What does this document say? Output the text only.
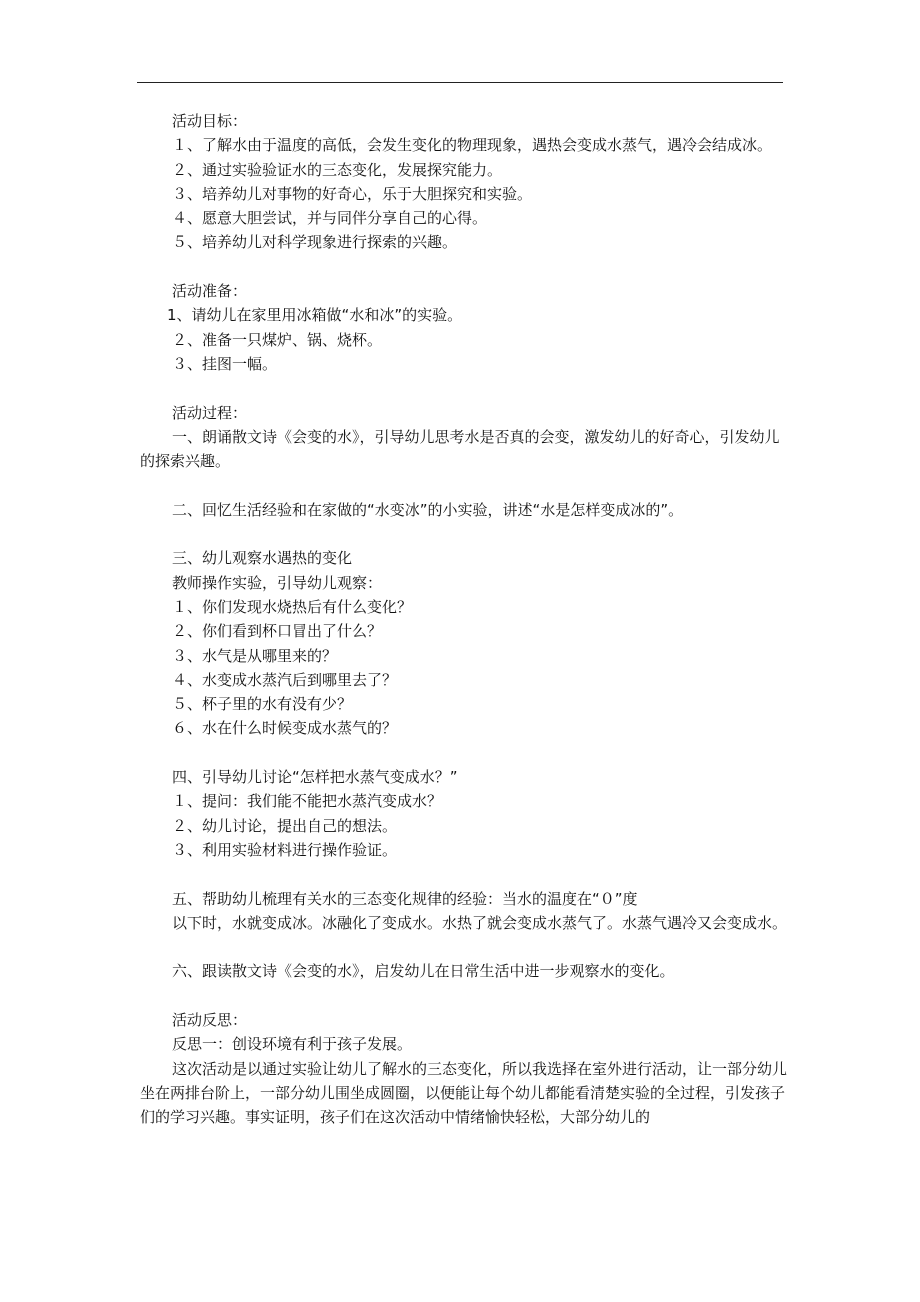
活动目标：
１、了解水由于温度的高低，会发生变化的物理现象，遇热会变成水蒸气，遇冷会结成冰。
２、通过实验验证水的三态变化，发展探究能力。
３、培养幼儿对事物的好奇心，乐于大胆探究和实验。
４、愿意大胆尝试，并与同伴分享自己的心得。
５、培养幼儿对科学现象进行探索的兴趣。
活动准备：
1、请幼儿在家里用冰箱做“水和冰”的实验。
２、准备一只煤炉、锅、烧杯。
３、挂图一幅。
活动过程：
一、朗诵散文诗《会变的水》，引导幼儿思考水是否真的会变，激发幼儿的好奇心，引发幼儿的探索兴趣。
二、回忆生活经验和在家做的“水变冰”的小实验，讲述“水是怎样变成冰的”。
三、幼儿观察水遇热的变化
教师操作实验，引导幼儿观察：
１、你们发现水烧热后有什么变化？
２、你们看到杯口冒出了什么？
３、水气是从哪里来的？
４、水变成水蒸汽后到哪里去了？
５、杯子里的水有没有少？
６、水在什么时候变成水蒸气的？
四、引导幼儿讨论“怎样把水蒸气变成水？”
１、提问：我们能不能把水蒸汽变成水？
２、幼儿讨论，提出自己的想法。
３、利用实验材料进行操作验证。
五、帮助幼儿梳理有关水的三态变化规律的经验：当水的温度在“０”度
以下时，水就变成冰。冰融化了变成水。水热了就会变成水蒸气了。水蒸气遇冷又会变成水。
六、跟读散文诗《会变的水》，启发幼儿在日常生活中进一步观察水的变化。
活动反思：
反思一：创设环境有利于孩子发展。
这次活动是以通过实验让幼儿了解水的三态变化，所以我选择在室外进行活动，让一部分幼儿坐在两排台阶上，一部分幼儿围坐成圆圈，以便能让每个幼儿都能看清楚实验的全过程，引发孩子们的学习兴趣。事实证明，孩子们在这次活动中情绪愉快轻松，大部分幼儿的
